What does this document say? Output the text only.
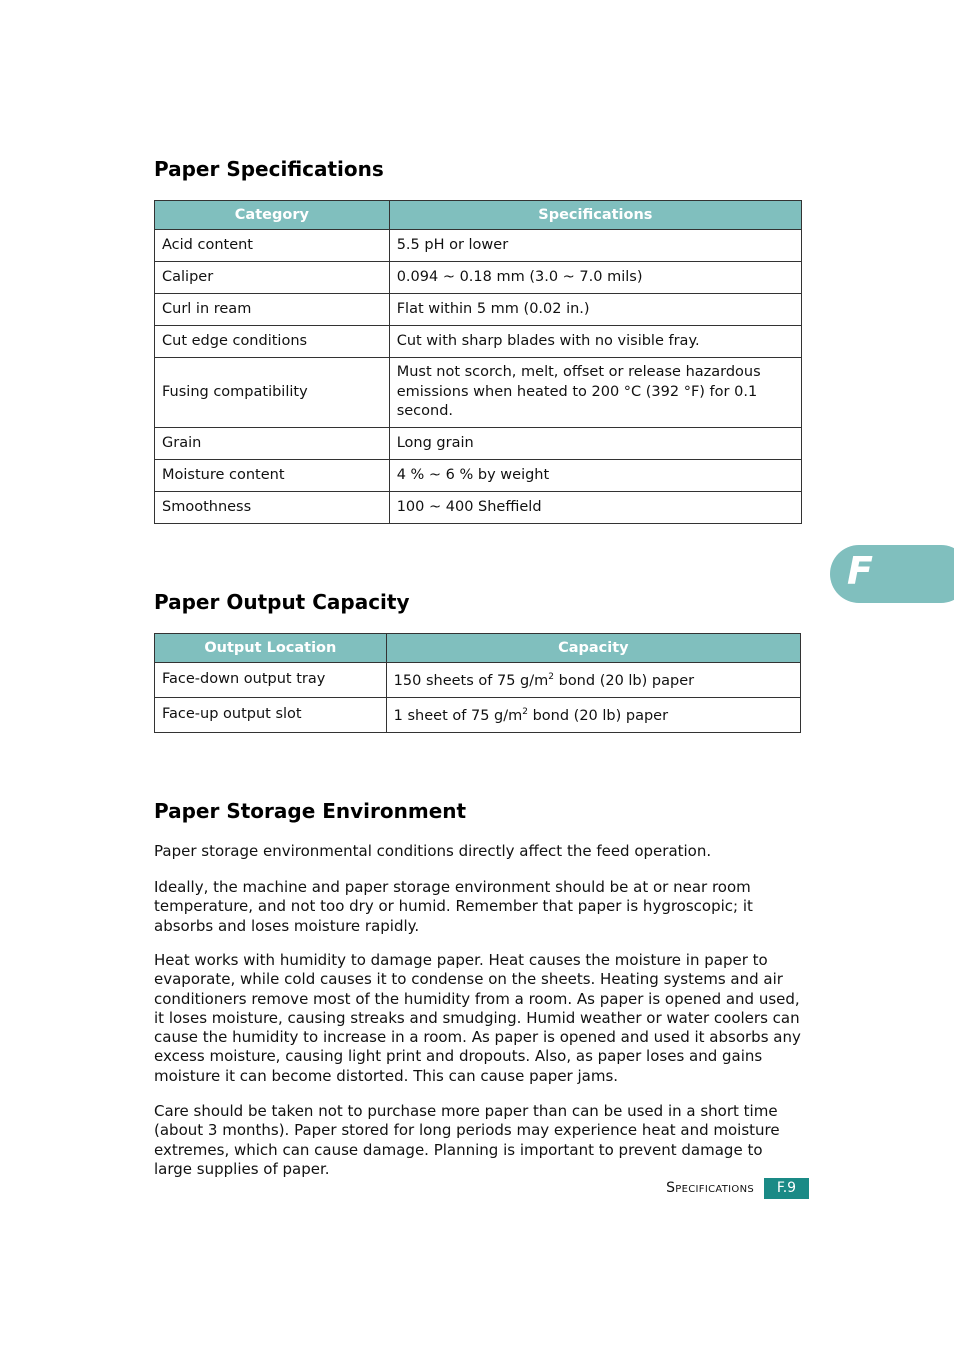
Paper Specifications
Category	Specifications
Acid content	5.5 pH or lower
Caliper	0.094 ~ 0.18 mm (3.0 ~ 7.0 mils)
Curl in ream	Flat within 5 mm (0.02 in.)
Cut edge conditions	Cut with sharp blades with no visible fray.
Fusing compatibility	Must not scorch, melt, offset or release hazardous emissions when heated to 200 °C (392 °F) for 0.1 second.
Grain	Long grain
Moisture content	4 % ~ 6 % by weight
Smoothness	100 ~ 400 Sheffield
F
Paper Output Capacity
Output Location	Capacity
Face-down output tray	150 sheets of 75 $g/m^2$ bond (20 lb) paper
Face-up output slot	1 sheet of 75 $g/m^2$ bond (20 lb) paper
Paper Storage Environment

Paper storage environmental conditions directly affect the feed operation.

Ideally, the machine and paper storage environment should be at or near room temperature, and not too dry or humid. Remember that paper is hygroscopic; it absorbs and loses moisture rapidly.

Heat works with humidity to damage paper. Heat causes the moisture in paper to evaporate, while cold causes it to condense on the sheets. Heating systems and air conditioners remove most of the humidity from a room. As paper is opened and used, it loses moisture, causing streaks and smudging. Humid weather or water coolers can cause the humidity to increase in a room. As paper is opened and used it absorbs any excess moisture, causing light print and dropouts. Also, as paper loses and gains moisture it can become distorted. This can cause paper jams.

Care should be taken not to purchase more paper than can be used in a short time (about 3 months). Paper stored for long periods may experience heat and moisture extremes, which can cause damage. Planning is important to prevent damage to large supplies of paper.

Specifications	F.9
